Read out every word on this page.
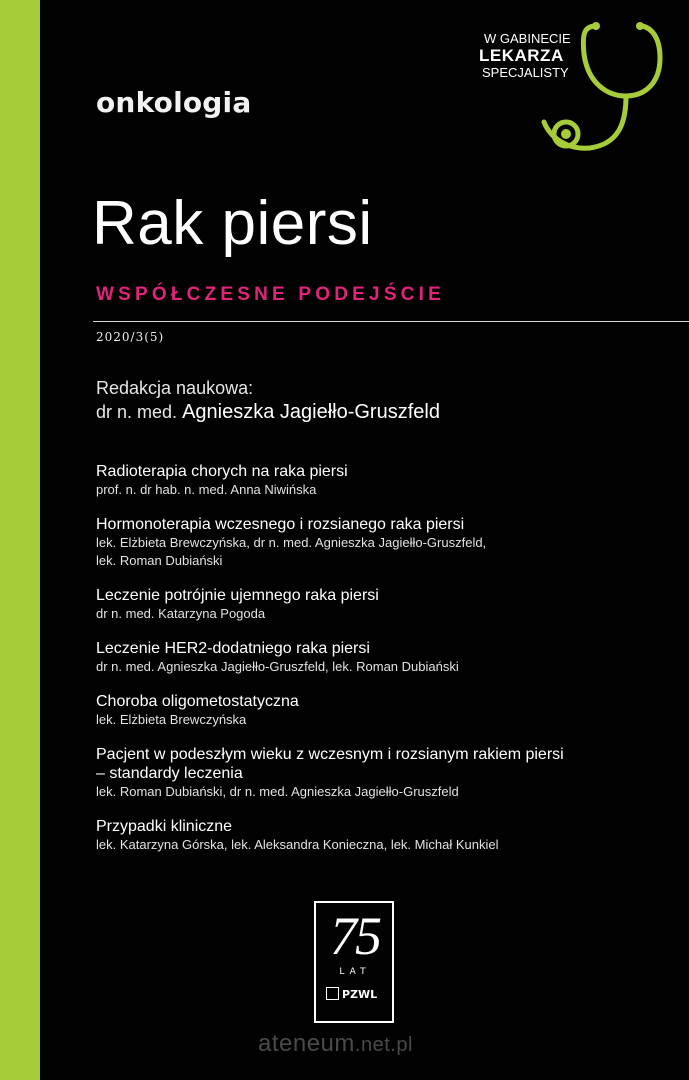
onkologia
W GABINECIE
LEKARZA
SPECJALISTY
Rak piersi
WSPÓŁCZESNE PODEJŚCIE
2020/3(5)
Redakcja naukowa:
dr n. med. Agnieszka Jagiełło-Gruszfeld
Radioterapia chorych na raka piersi
prof. n. dr hab. n. med. Anna Niwińska
Hormonoterapia wczesnego i rozsianego raka piersi
lek. Elżbieta Brewczyńska, dr n. med. Agnieszka Jagiełło-Gruszfeld,
lek. Roman Dubiański
Leczenie potrójnie ujemnego raka piersi
dr n. med. Katarzyna Pogoda
Leczenie HER2-dodatniego raka piersi
dr n. med. Agnieszka Jagiełło-Gruszfeld, lek. Roman Dubiański
Choroba oligometostatyczna
lek. Elżbieta Brewczyńska
Pacjent w podeszłym wieku z wczesnym i rozsianym rakiem piersi
– standardy leczenia
lek. Roman Dubiański, dr n. med. Agnieszka Jagiełło-Gruszfeld
Przypadki kliniczne
lek. Katarzyna Górska, lek. Aleksandra Konieczna, lek. Michał Kunkiel
75
LAT
PZWL
ateneum.net.pl
